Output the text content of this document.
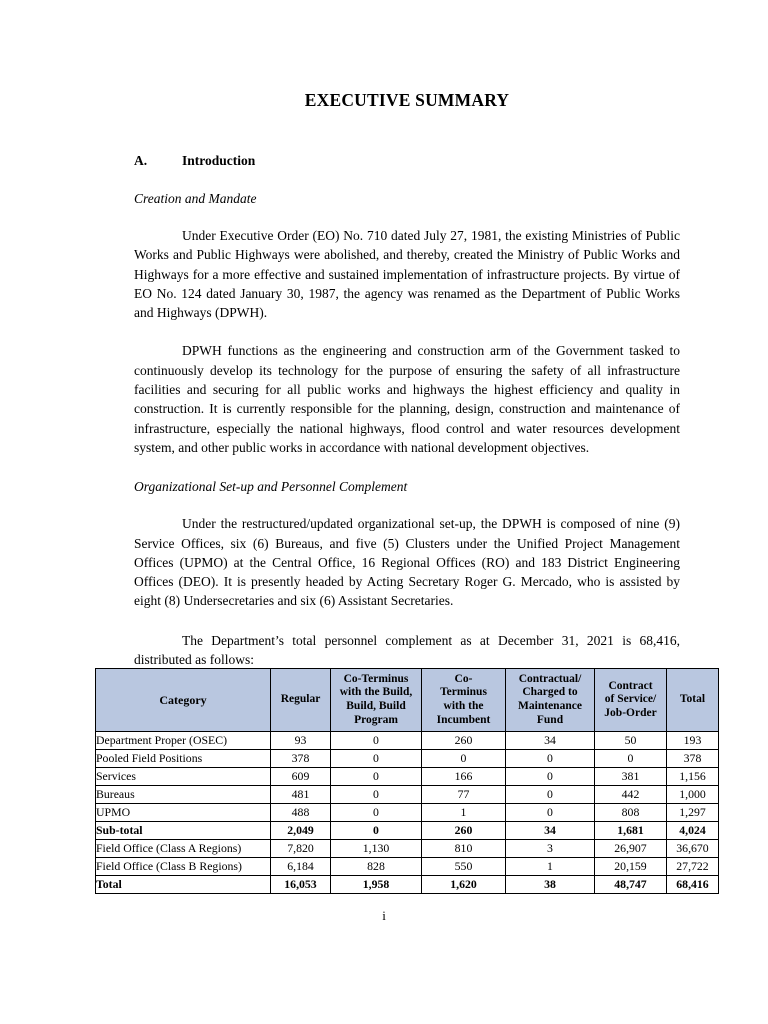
EXECUTIVE SUMMARY
A.	Introduction
Creation and Mandate

Under Executive Order (EO) No. 710 dated July 27, 1981, the existing Ministries of Public Works and Public Highways were abolished, and thereby, created the Ministry of Public Works and Highways for a more effective and sustained implementation of infrastructure projects. By virtue of EO No. 124 dated January 30, 1987, the agency was renamed as the Department of Public Works and Highways (DPWH).

DPWH functions as the engineering and construction arm of the Government tasked to continuously develop its technology for the purpose of ensuring the safety of all infrastructure facilities and securing for all public works and highways the highest efficiency and quality in construction. It is currently responsible for the planning, design, construction and maintenance of infrastructure, especially the national highways, flood control and water resources development system, and other public works in accordance with national development objectives.

Organizational Set-up and Personnel Complement

Under the restructured/updated organizational set-up, the DPWH is composed of nine (9) Service Offices, six (6) Bureaus, and five (5) Clusters under the Unified Project Management Offices (UPMO) at the Central Office, 16 Regional Offices (RO) and 183 District Engineering Offices (DEO). It is presently headed by Acting Secretary Roger G. Mercado, who is assisted by eight (8) Undersecretaries and six (6) Assistant Secretaries.

The Department’s total personnel complement as at December 31, 2021 is 68,416, distributed as follows:

Category	Regular	Co-Terminus
with the Build,
Build, Build
Program	Co-
Terminus
with the
Incumbent	Contractual/
Charged to
Maintenance
Fund	Contract
of Service/
Job-Order	Total
Department Proper (OSEC)	93	0	260	34	50	193
Pooled Field Positions	378	0	0	0	0	378
Services	609	0	166	0	381	1,156
Bureaus	481	0	77	0	442	1,000
UPMO	488	0	1	0	808	1,297
Sub-total	2,049	0	260	34	1,681	4,024
Field Office (Class A Regions)	7,820	1,130	810	3	26,907	36,670
Field Office (Class B Regions)	6,184	828	550	1	20,159	27,722
Total	16,053	1,958	1,620	38	48,747	68,416
i
